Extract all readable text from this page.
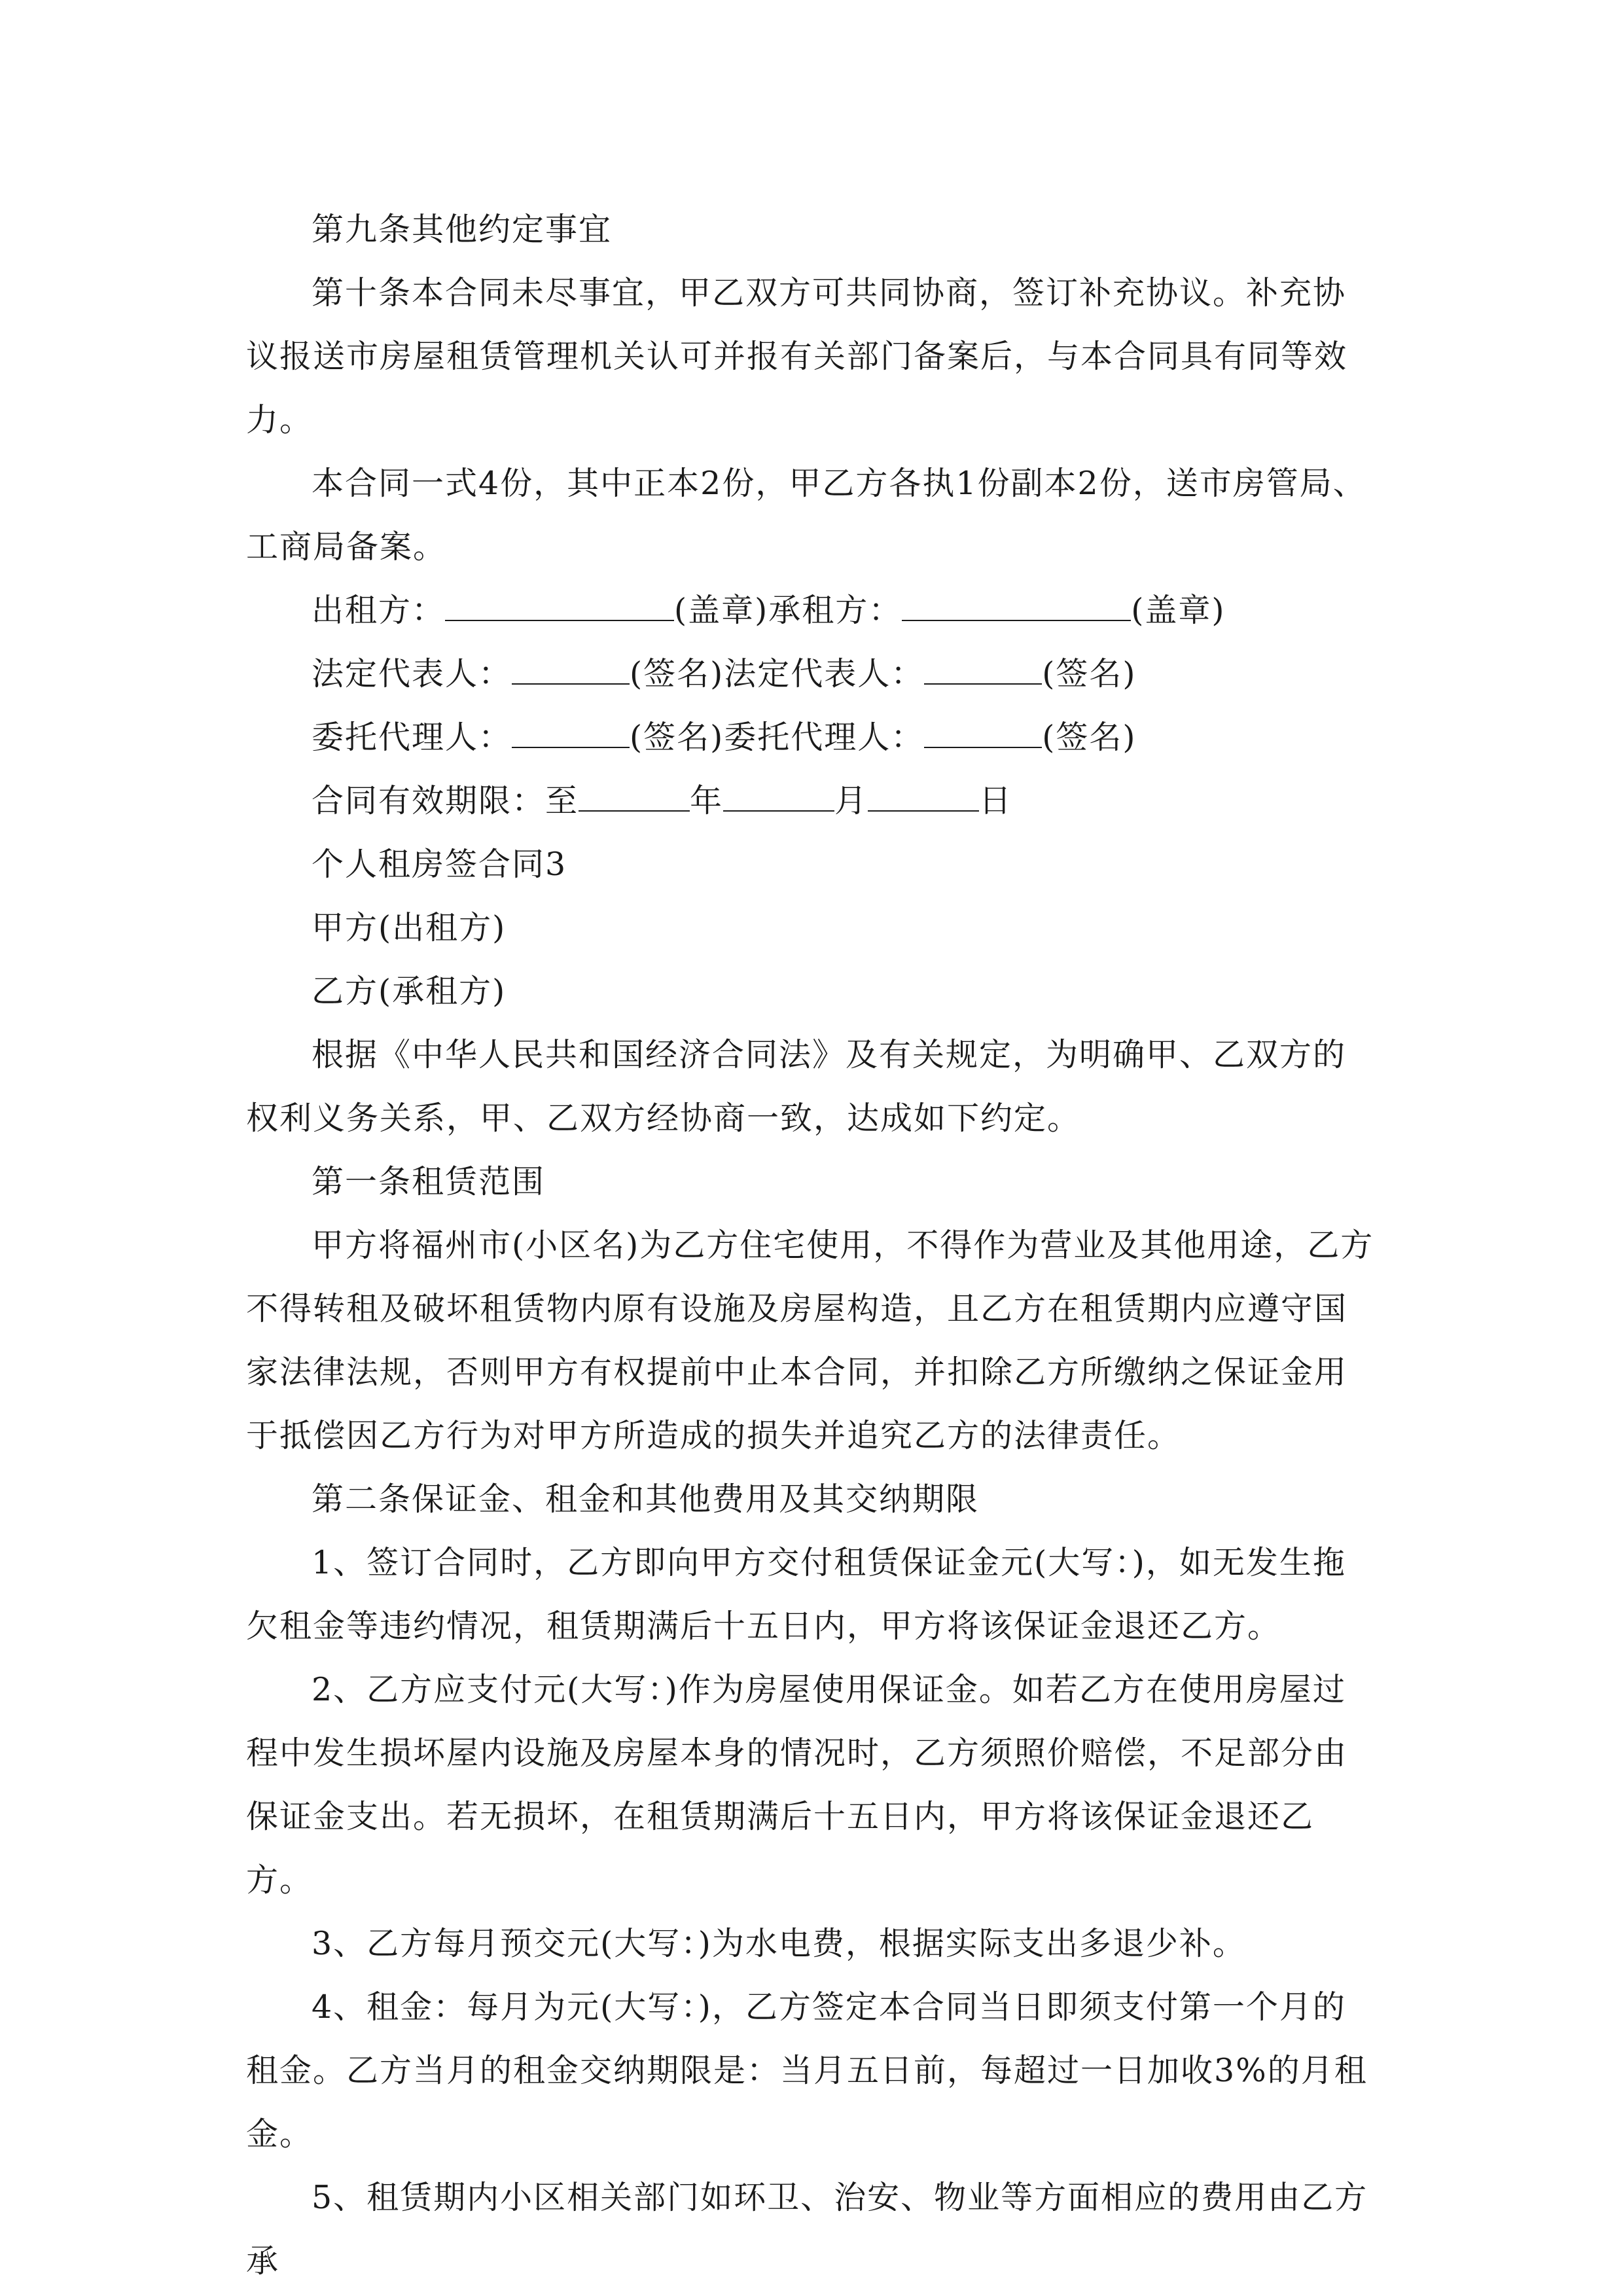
第九条其他约定事宜

第十条本合同未尽事宜，甲乙双方可共同协商，签订补充协议。补充协议报送市房屋租赁管理机关认可并报有关部门备案后，与本合同具有同等效力。

本合同一式4份，其中正本2份，甲乙方各执1份副本2份，送市房管局、工商局备案。

出租方：	(盖章)承租方：	(盖章)

法定代表人：	(签名)法定代表人：	(签名)

委托代理人：	(签名)委托代理人：	(签名)

合同有效期限：至	年	月	日

个人租房签合同3

甲方(出租方)

乙方(承租方)

根据《中华人民共和国经济合同法》及有关规定，为明确甲、乙双方的权利义务关系，甲、乙双方经协商一致，达成如下约定。

第一条租赁范围

甲方将福州市(小区名)为乙方住宅使用，不得作为营业及其他用途，乙方不得转租及破坏租赁物内原有设施及房屋构造，且乙方在租赁期内应遵守国家法律法规，否则甲方有权提前中止本合同，并扣除乙方所缴纳之保证金用于抵偿因乙方行为对甲方所造成的损失并追究乙方的法律责任。

第二条保证金、租金和其他费用及其交纳期限

1、签订合同时，乙方即向甲方交付租赁保证金元(大写：)，如无发生拖欠租金等违约情况，租赁期满后十五日内，甲方将该保证金退还乙方。

2、乙方应支付元(大写：)作为房屋使用保证金。如若乙方在使用房屋过程中发生损坏屋内设施及房屋本身的情况时，乙方须照价赔偿，不足部分由保证金支出。若无损坏，在租赁期满后十五日内，甲方将该保证金退还乙方。

3、乙方每月预交元(大写：)为水电费，根据实际支出多退少补。

4、租金：每月为元(大写：)，乙方签定本合同当日即须支付第一个月的租金。乙方当月的租金交纳期限是：当月五日前，每超过一日加收3%的月租金。

5、租赁期内小区相关部门如环卫、治安、物业等方面相应的费用由乙方承
